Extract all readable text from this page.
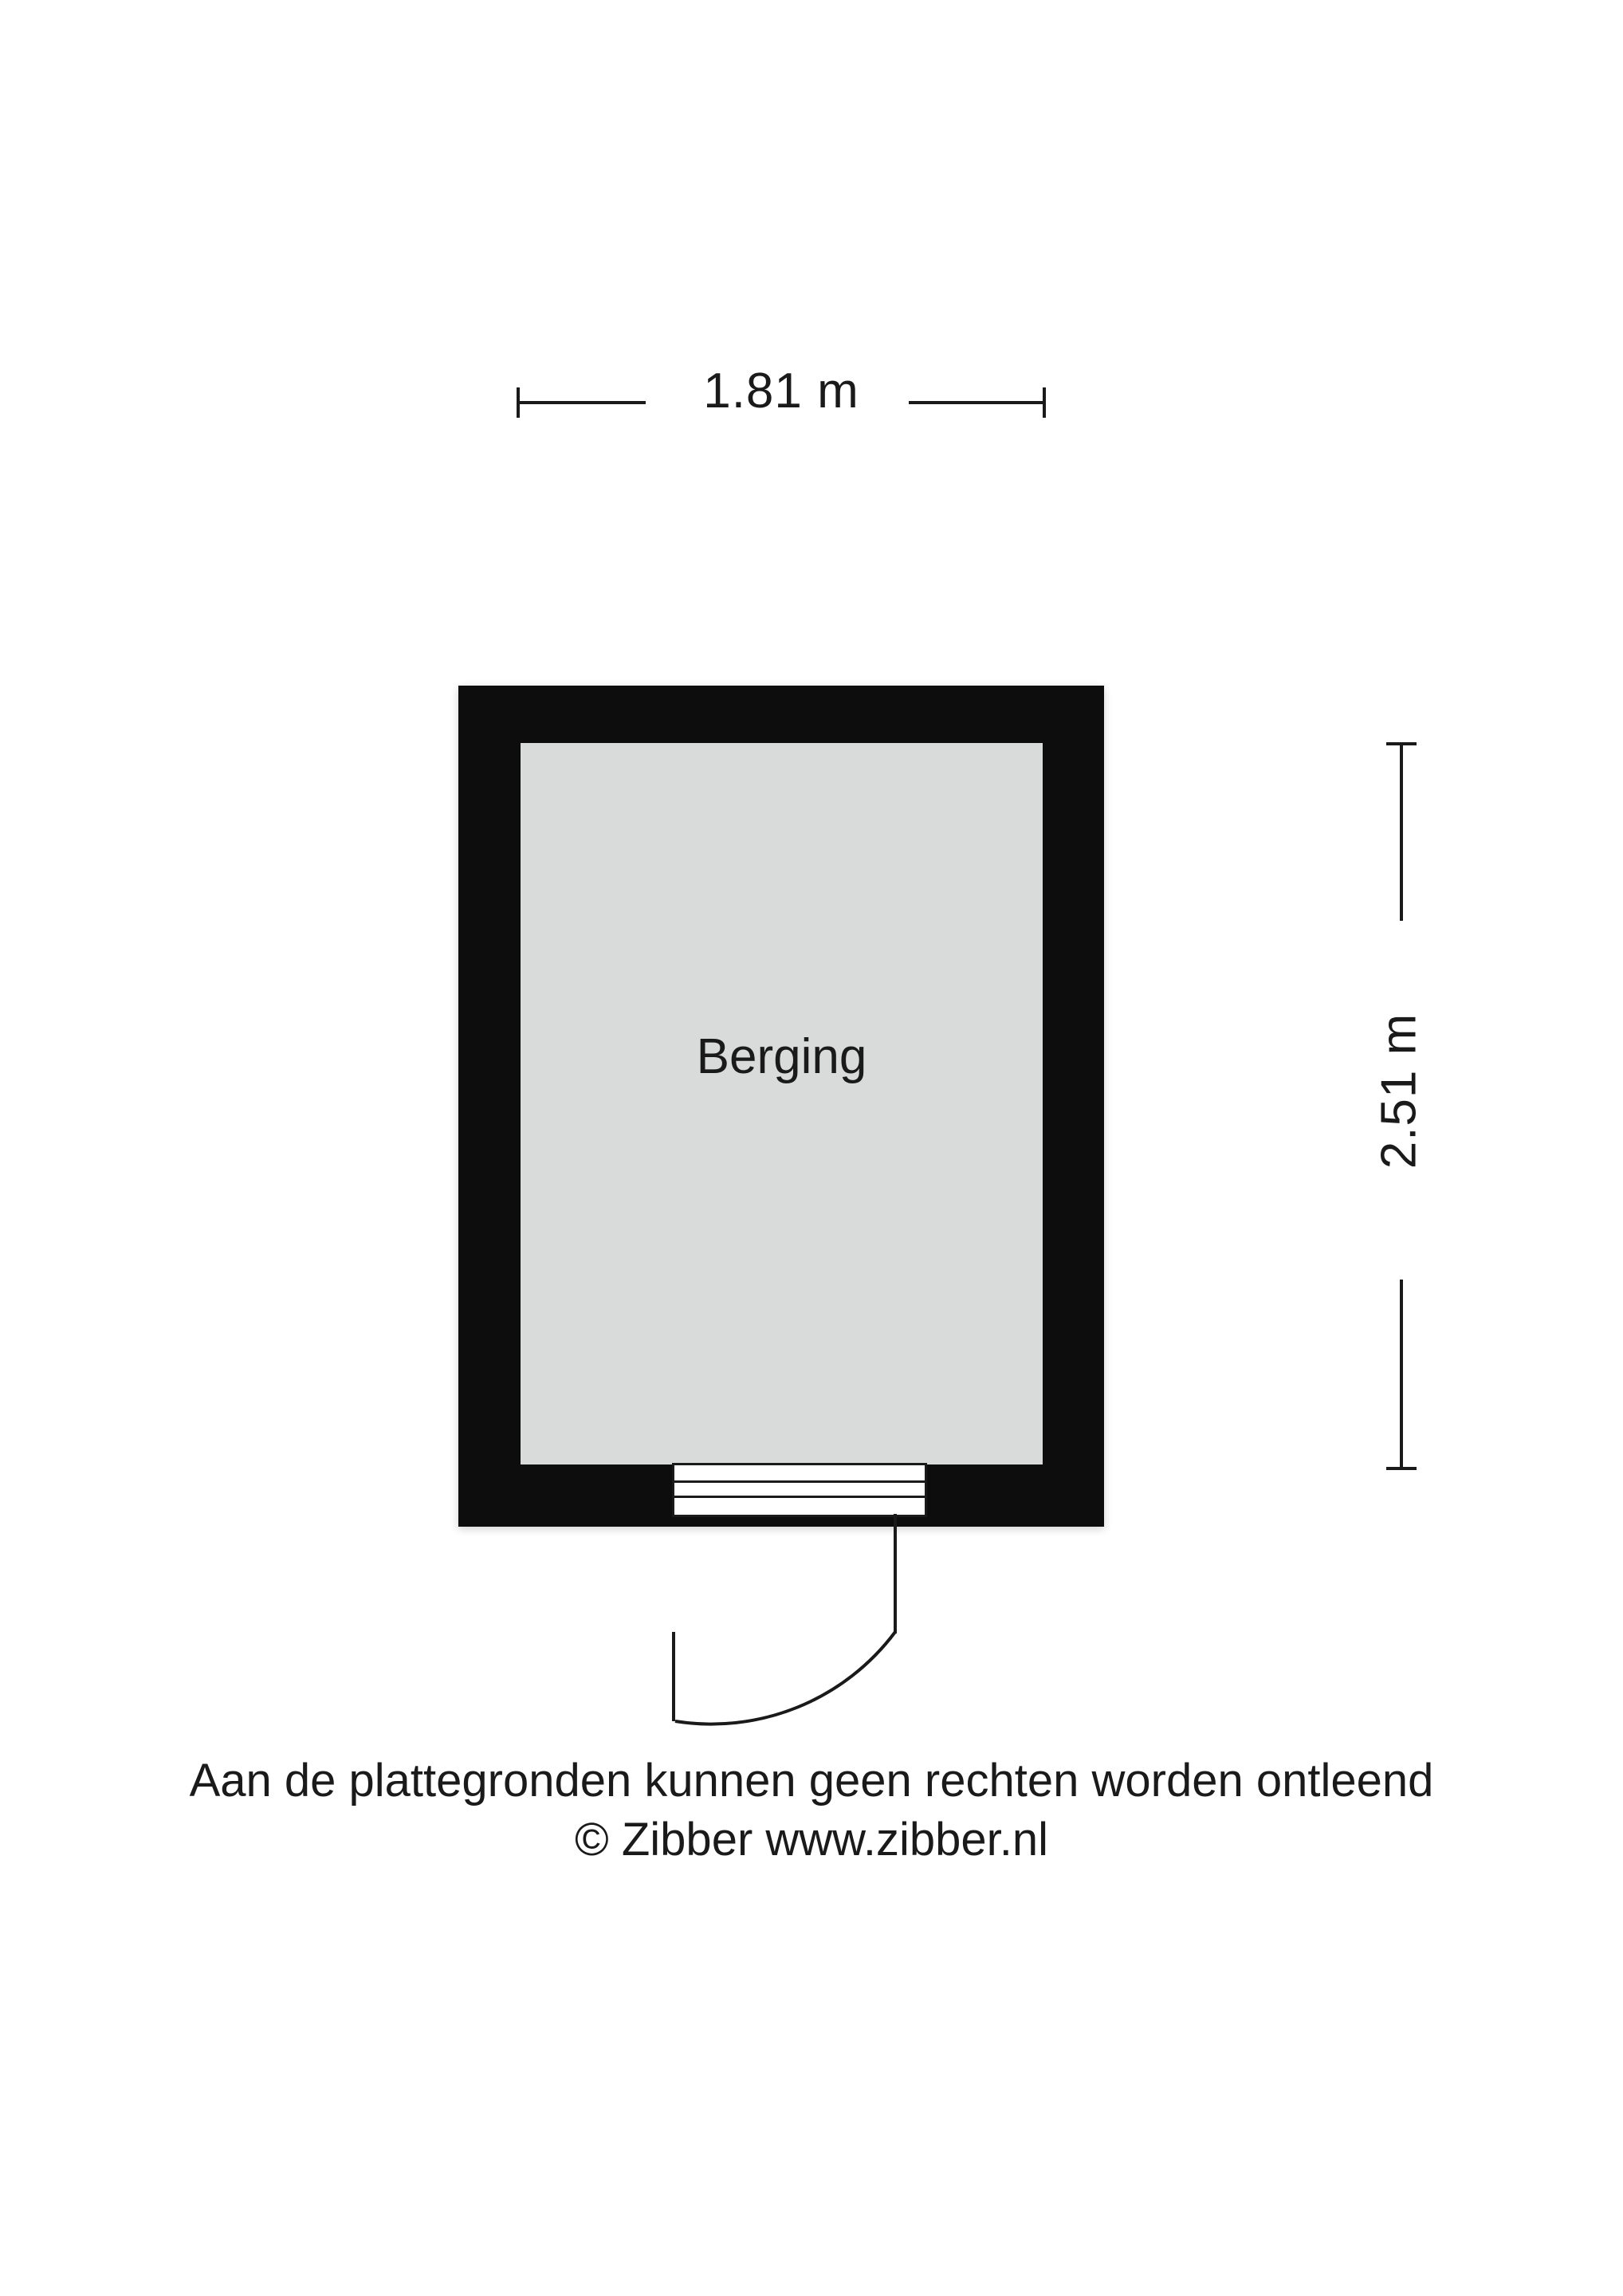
1.81 m
2.51 m
Berging
Aan de plattegronden kunnen geen rechten worden ontleend
© Zibber www.zibber.nl
